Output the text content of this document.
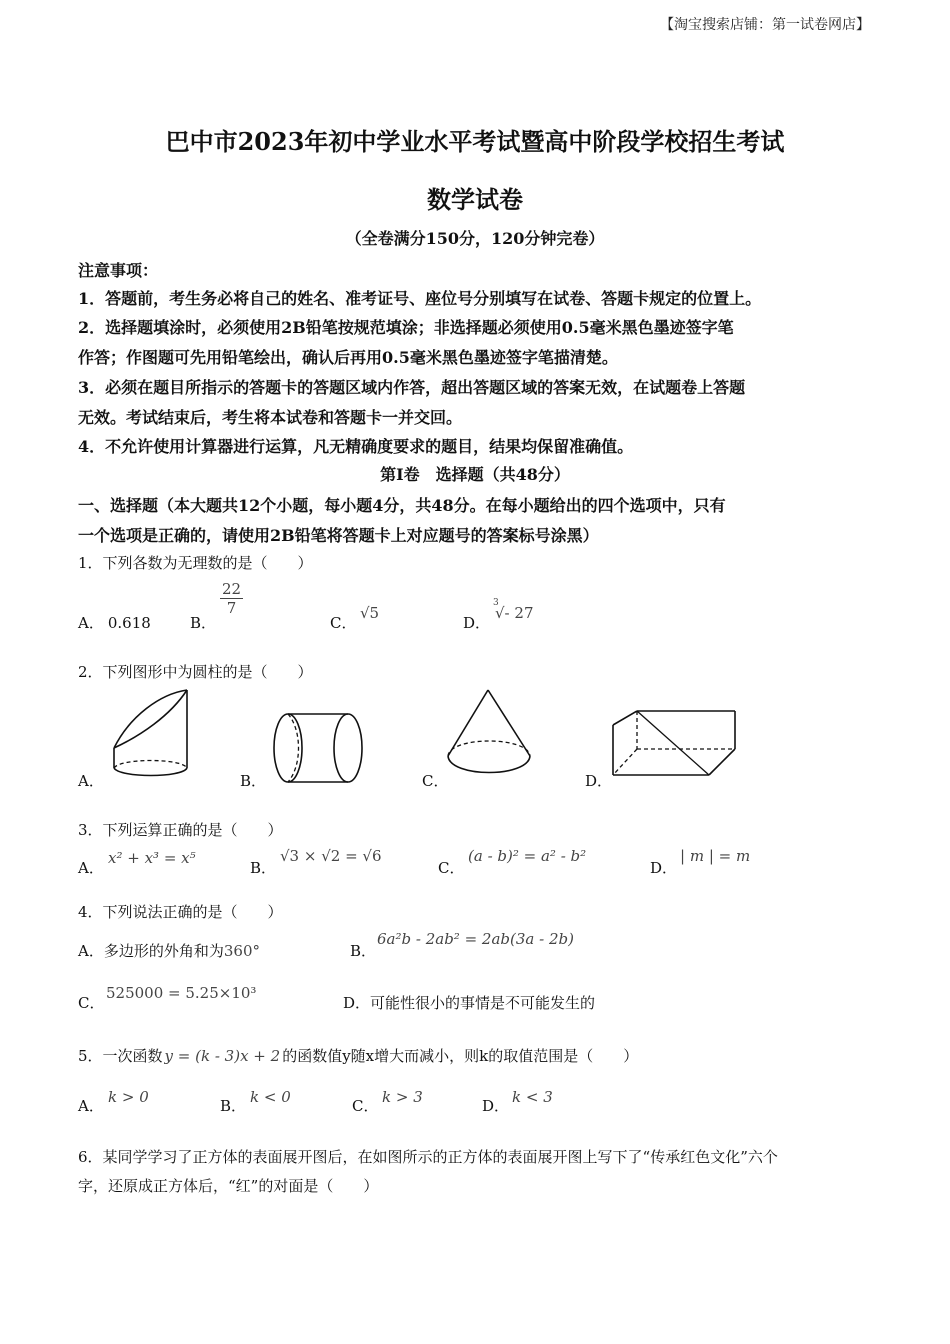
【淘宝搜索店铺：第一试卷网店】
巴中市2023年初中学业水平考试暨高中阶段学校招生考试
数学试卷
（全卷满分150分，120分钟完卷）
注意事项：
1．答题前，考生务必将自己的姓名、准考证号、座位号分别填写在试卷、答题卡规定的位置上。
2．选择题填涂时，必须使用2B铅笔按规范填涂；非选择题必须使用0.5毫米黑色墨迹签字笔
作答；作图题可先用铅笔绘出，确认后再用0.5毫米黑色墨迹签字笔描清楚。
3．必须在题目所指示的答题卡的答题区域内作答，超出答题区域的答案无效，在试题卷上答题
无效。考试结束后，考生将本试卷和答题卡一并交回。
4．不允许使用计算器进行运算，凡无精确度要求的题目，结果均保留准确值。
第I卷　选择题（共48分）
一、选择题（本大题共12个小题，每小题4分，共48分。在每小题给出的四个选项中，只有
一个选项是正确的，请使用2B铅笔将答题卡上对应题号的答案标号涂黑）
1．下列各数为无理数的是（　　）
A． 0.618	B．
$\frac{22}{7}$
C．
√5
D．
3
√- 27
2．下列图形中为圆柱的是（　　）
A．	B．	C．	D．
3．下列运算正确的是（　　）
A．
x² + x³ = x⁵
B．
√3 × √2 = √6
C．
(a - b)² = a² - b²
D．
| m | = m
4．下列说法正确的是（　　）
A．多边形的外角和为360°	B．
6a²b - 2ab² = 2ab(3a - 2b)
C．
525000 = 5.25×10³
D．可能性很小的事情是不可能发生的
5．一次函数 y = (k - 3)x + 2 的函数值y随x增大而减小，则k的取值范围是（　　）
A． k > 0	B． k < 0	C． k > 3	D． k < 3
6．某同学学习了正方体的表面展开图后，在如图所示的正方体的表面展开图上写下了“传承红色文化”六个
字，还原成正方体后，“红”的对面是（　　）
